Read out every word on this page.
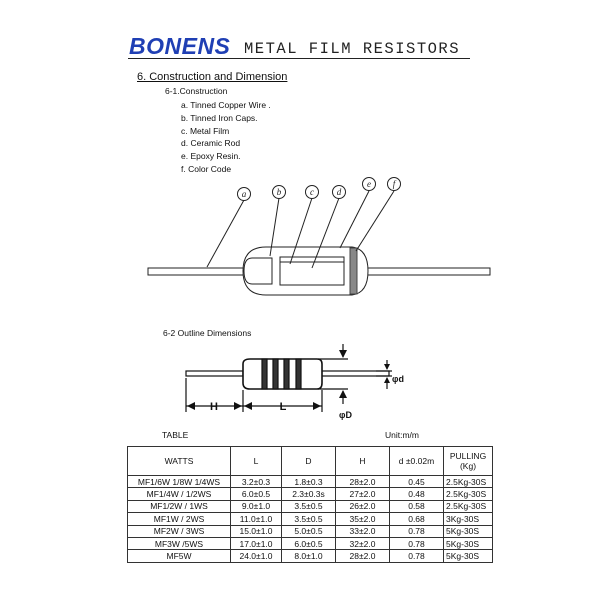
BONENS METAL FILM RESISTORS
6. Construction and Dimension
6-1.Construction
a. Tinned Copper Wire .
b. Tinned Iron Caps.
c. Metal Film
d. Ceramic Rod
e. Epoxy Resin.
f. Color Code
a	b	c	d
e f
H	L
φD
φd
6-2 Outline Dimensions
TABLE	Unit:m/m
WATTS	L	D	H	d ±0.02m	PULLING
(Kg)
MF1/6W 1/8W 1/4WS	3.2±0.3	1.8±0.3	28±2.0	0.45	2.5Kg-30S
MF1/4W / 1/2WS	6.0±0.5	2.3±0.3s	27±2.0	0.48	2.5Kg-30S
MF1/2W / 1WS	9.0±1.0	3.5±0.5	26±2.0	0.58	2.5Kg-30S
MF1W / 2WS	11.0±1.0	3.5±0.5	35±2.0	0.68	3Kg-30S
MF2W / 3WS	15.0±1.0	5.0±0.5	33±2.0	0.78	5Kg-30S
MF3W /5WS	17.0±1.0	6.0±0.5	32±2.0	0.78	5Kg-30S
MF5W	24.0±1.0	8.0±1.0	28±2.0	0.78	5Kg-30S
